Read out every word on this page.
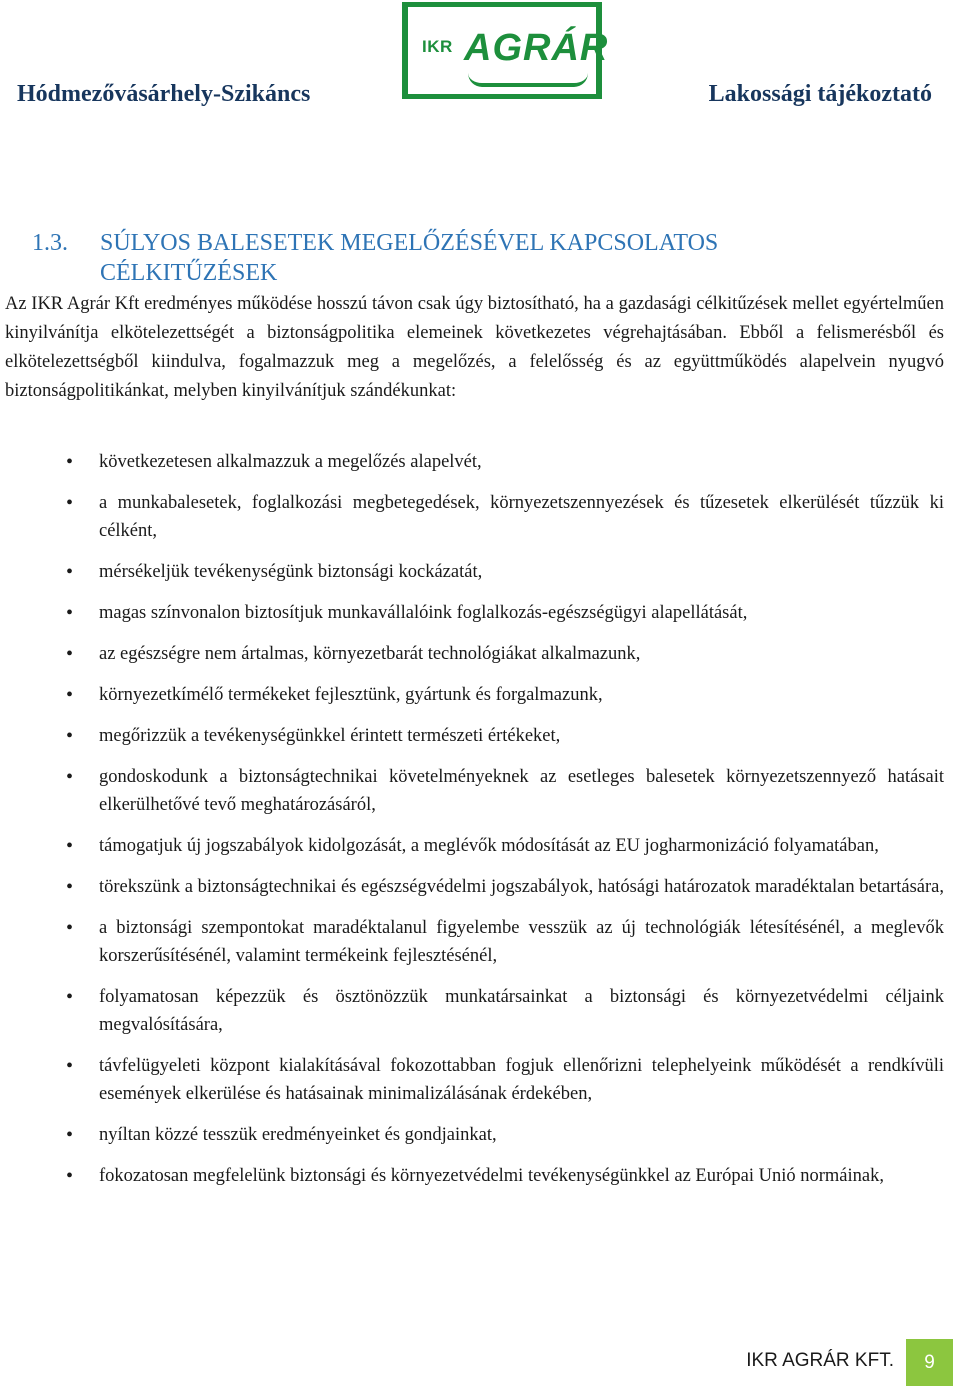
IKR AGRÁR
Hódmezővásárhely-Szikáncs	Lakossági tájékoztató
1.3. SÚLYOS BALESETEK MEGELŐZÉSÉVEL KAPCSOLATOS
CÉLKITŰZÉSEK

Az IKR Agrár Kft eredményes működése hosszú távon csak úgy biztosítható, ha a gazdasági célkitűzések mellet egyértelműen kinyilvánítja elkötelezettségét a biztonságpolitika elemeinek következetes végrehajtásában. Ebből a felismerésből és elkötelezettségből kiindulva, fogalmazzuk meg a megelőzés, a felelősség és az együttműködés alapelvein nyugvó biztonságpolitikánkat, melyben kinyilvánítjuk szándékunkat:

• következetesen alkalmazzuk a megelőzés alapelvét,
• a munkabalesetek, foglalkozási megbetegedések, környezetszennyezések és tűzesetek elkerülését tűzzük ki célként,
• mérsékeljük tevékenységünk biztonsági kockázatát,
• magas színvonalon biztosítjuk munkavállalóink foglalkozás-egészségügyi alapellátását,
• az egészségre nem ártalmas, környezetbarát technológiákat alkalmazunk,
• környezetkímélő termékeket fejlesztünk, gyártunk és forgalmazunk,
• megőrizzük a tevékenységünkkel érintett természeti értékeket,
• gondoskodunk a biztonságtechnikai követelményeknek az esetleges balesetek környezetszennyező hatásait elkerülhetővé tevő meghatározásáról,
• támogatjuk új jogszabályok kidolgozását, a meglévők módosítását az EU jogharmonizáció folyamatában,
• törekszünk a biztonságtechnikai és egészségvédelmi jogszabályok, hatósági határozatok maradéktalan betartására,
• a biztonsági szempontokat maradéktalanul figyelembe vesszük az új technológiák létesítésénél, a meglevők korszerűsítésénél, valamint termékeink fejlesztésénél,
• folyamatosan képezzük és ösztönözzük munkatársainkat a biztonsági és környezetvédelmi céljaink megvalósítására,
• távfelügyeleti központ kialakításával fokozottabban fogjuk ellenőrizni telephelyeink működését a rendkívüli események elkerülése és hatásainak minimalizálásának érdekében,
• nyíltan közzé tesszük eredményeinket és gondjainkat,
• fokozatosan megfelelünk biztonsági és környezetvédelmi tevékenységünkkel az Európai Unió normáinak,
IKR AGRÁR KFT.	9
